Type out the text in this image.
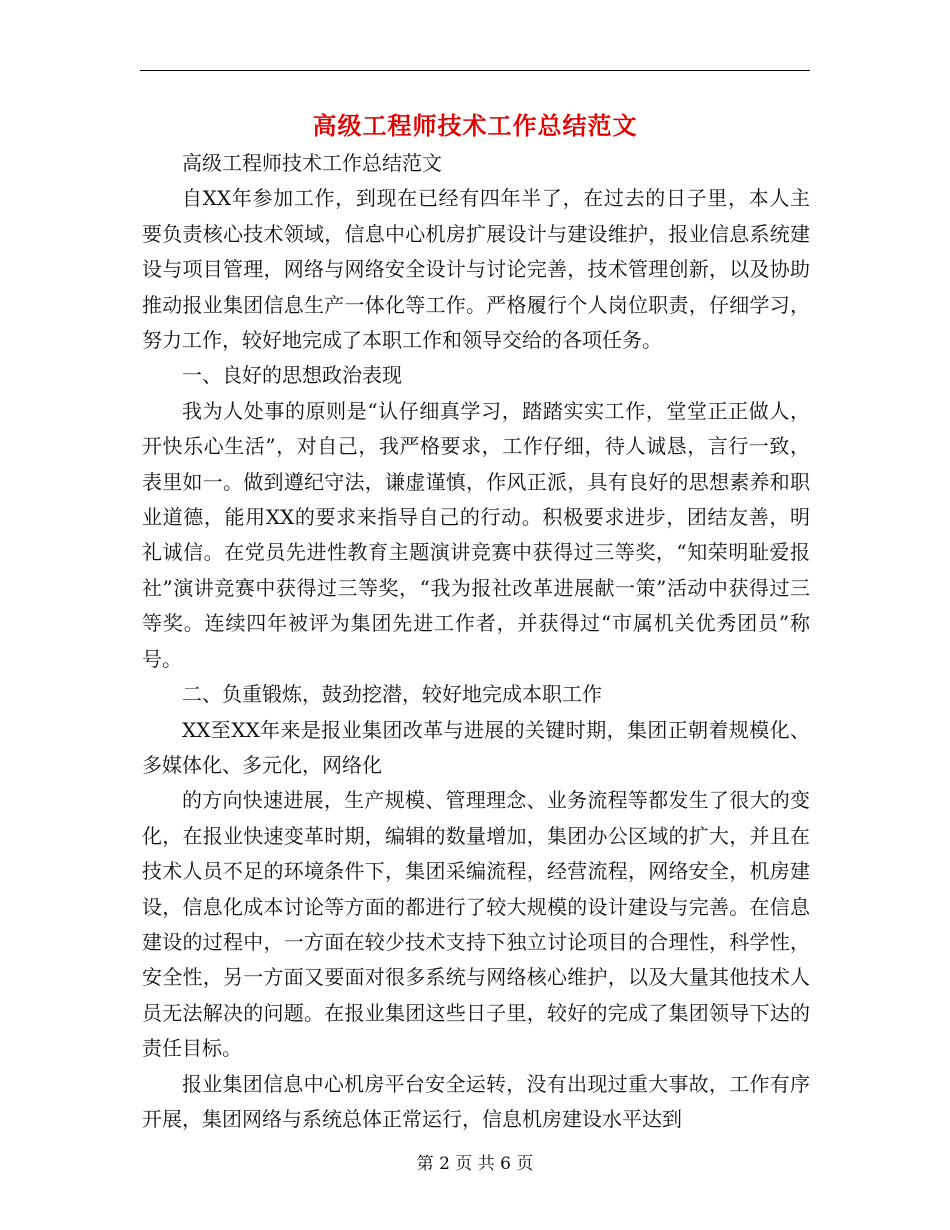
高级工程师技术工作总结范文

高级工程师技术工作总结范文

自XX年参加工作，到现在已经有四年半了，在过去的日子里，本人主要负责核心技术领域，信息中心机房扩展设计与建设维护，报业信息系统建设与项目管理，网络与网络安全设计与讨论完善，技术管理创新，以及协助推动报业集团信息生产一体化等工作。严格履行个人岗位职责，仔细学习，努力工作，较好地完成了本职工作和领导交给的各项任务。

一、良好的思想政治表现

我为人处事的原则是“认仔细真学习，踏踏实实工作，堂堂正正做人，开快乐心生活”，对自己，我严格要求，工作仔细，待人诚恳，言行一致，表里如一。做到遵纪守法，谦虚谨慎，作风正派，具有良好的思想素养和职业道德，能用XX的要求来指导自己的行动。积极要求进步，团结友善，明礼诚信。在党员先进性教育主题演讲竞赛中获得过三等奖，“知荣明耻爱报社”演讲竞赛中获得过三等奖，“我为报社改革进展献一策”活动中获得过三等奖。连续四年被评为集团先进工作者，并获得过“市属机关优秀团员”称号。

二、负重锻炼，鼓劲挖潜，较好地完成本职工作

XX至XX年来是报业集团改革与进展的关键时期，集团正朝着规模化、多媒体化、多元化，网络化

的方向快速进展，生产规模、管理理念、业务流程等都发生了很大的变化，在报业快速变革时期，编辑的数量增加，集团办公区域的扩大，并且在技术人员不足的环境条件下，集团采编流程，经营流程，网络安全，机房建设，信息化成本讨论等方面的都进行了较大规模的设计建设与完善。在信息建设的过程中，一方面在较少技术支持下独立讨论项目的合理性，科学性，安全性，另一方面又要面对很多系统与网络核心维护，以及大量其他技术人员无法解决的问题。在报业集团这些日子里，较好的完成了集团领导下达的责任目标。

报业集团信息中心机房平台安全运转，没有出现过重大事故，工作有序开展，集团网络与系统总体正常运行，信息机房建设水平达到

第 2 页 共 6 页
